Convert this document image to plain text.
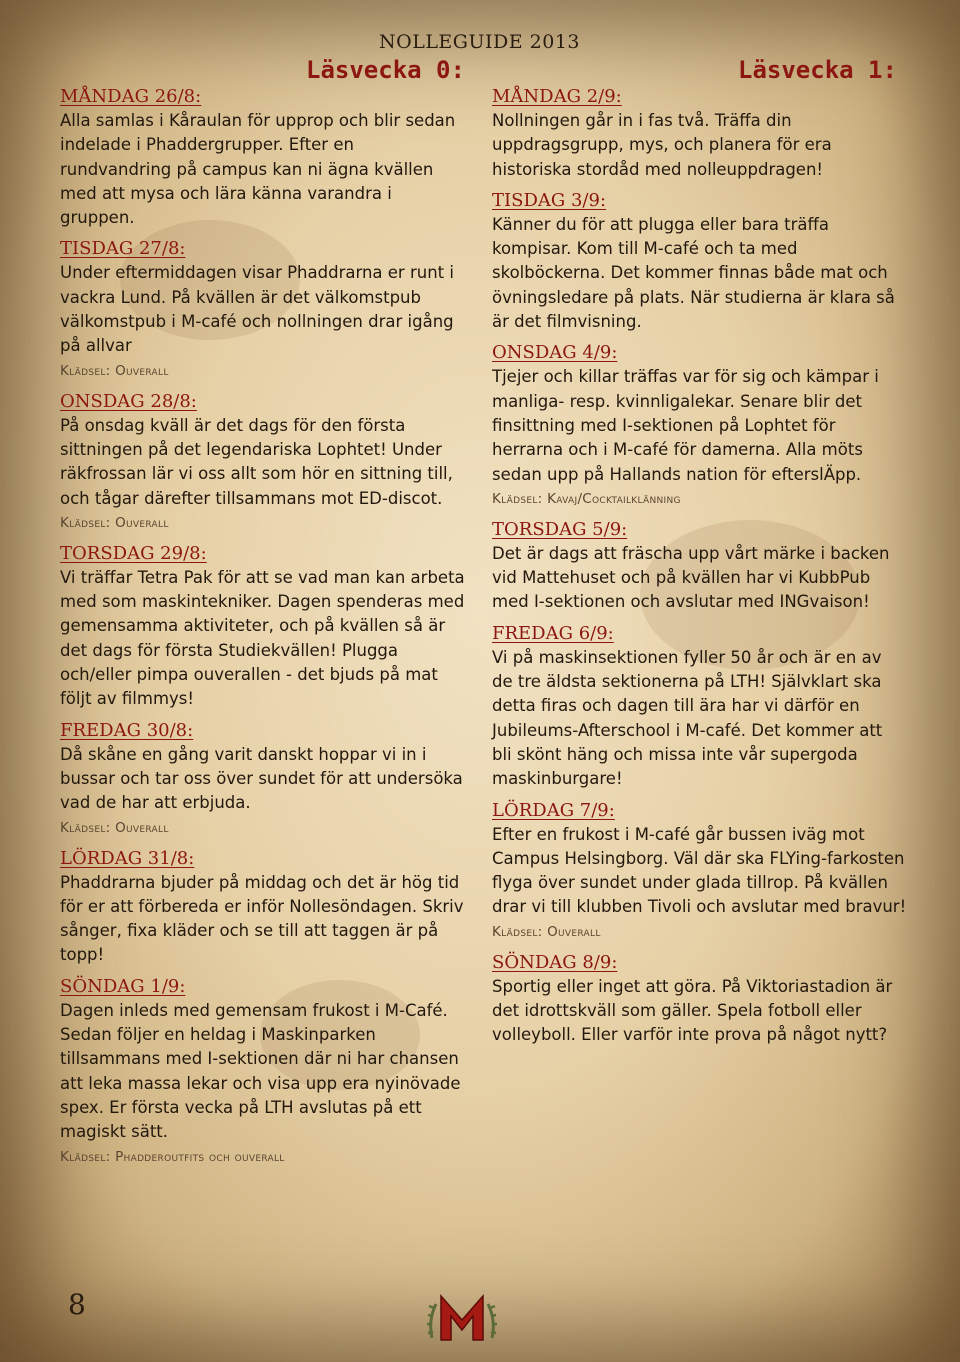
NOLLEGUIDE 2013
Läsvecka 0:	Läsvecka 1:
MÅNDAG 26/8:

Alla samlas i Kåraulan för upprop och blir sedan indelade i Phaddergrupper. Efter en rundvandring på campus kan ni ägna kvällen med att mysa och lära känna varandra i gruppen.

TISDAG 27/8:

Under eftermiddagen visar Phaddrarna er runt i vackra Lund. På kvällen är det välkomstpub välkomstpub i M-café och nollningen drar igång på allvar

Klädsel: Ouverall
ONSDAG 28/8:

På onsdag kväll är det dags för den första sittningen på det legendariska Lophtet! Under räkfrossan lär vi oss allt som hör en sittning till, och tågar därefter tillsammans mot ED-discot.

Klädsel: Ouverall
TORSDAG 29/8:

Vi träffar Tetra Pak för att se vad man kan arbeta med som maskintekniker. Dagen spenderas med gemensamma aktiviteter, och på kvällen så är det dags för första Studiekvällen! Plugga och/eller pimpa ouverallen - det bjuds på mat följt av filmmys!

FREDAG 30/8:

Då skåne en gång varit danskt hoppar vi in i bussar och tar oss över sundet för att undersöka vad de har att erbjuda.

Klädsel: Ouverall
LÖRDAG 31/8:

Phaddrarna bjuder på middag och det är hög tid för er att förbereda er inför Nollesöndagen. Skriv sånger, fixa kläder och se till att taggen är på topp!

SÖNDAG 1/9:

Dagen inleds med gemensam frukost i M-Café. Sedan följer en heldag i Maskinparken tillsammans med I-sektionen där ni har chansen att leka massa lekar och visa upp era nyinövade spex. Er första vecka på LTH avslutas på ett magiskt sätt.

Klädsel: Phadderoutfits och ouverall
MÅNDAG 2/9:

Nollningen går in i fas två. Träffa din uppdragsgrupp, mys, och planera för era historiska stordåd med nolleuppdragen!

TISDAG 3/9:

Känner du för att plugga eller bara träffa kompisar. Kom till M-café och ta med skolböckerna. Det kommer finnas både mat och övningsledare på plats. När studierna är klara så är det filmvisning.

ONSDAG 4/9:

Tjejer och killar träffas var för sig och kämpar i manliga- resp. kvinnligalekar. Senare blir det finsittning med I-sektionen på Lophtet för herrarna och i M-café för damerna. Alla möts sedan upp på Hallands nation för efterslÄpp.

Klädsel: Kavaj/Cocktailklänning
TORSDAG 5/9:

Det är dags att fräscha upp vårt märke i backen vid Mattehuset och på kvällen har vi KubbPub med I-sektionen och avslutar med INGvaison!

FREDAG 6/9:

Vi på maskinsektionen fyller 50 år och är en av de tre äldsta sektionerna på LTH! Självklart ska detta firas och dagen till ära har vi därför en Jubileums-Afterschool i M-café. Det kommer att bli skönt häng och missa inte vår supergoda maskinburgare!

LÖRDAG 7/9:

Efter en frukost i M-café går bussen iväg mot Campus Helsingborg. Väl där ska FLYing-farkosten flyga över sundet under glada tillrop. På kvällen drar vi till klubben Tivoli och avslutar med bravur!

Klädsel: Ouverall
SÖNDAG 8/9:

Sportig eller inget att göra. På Viktoriastadion är det idrottskväll som gäller. Spela fotboll eller volleyboll. Eller varför inte prova på något nytt?

8
